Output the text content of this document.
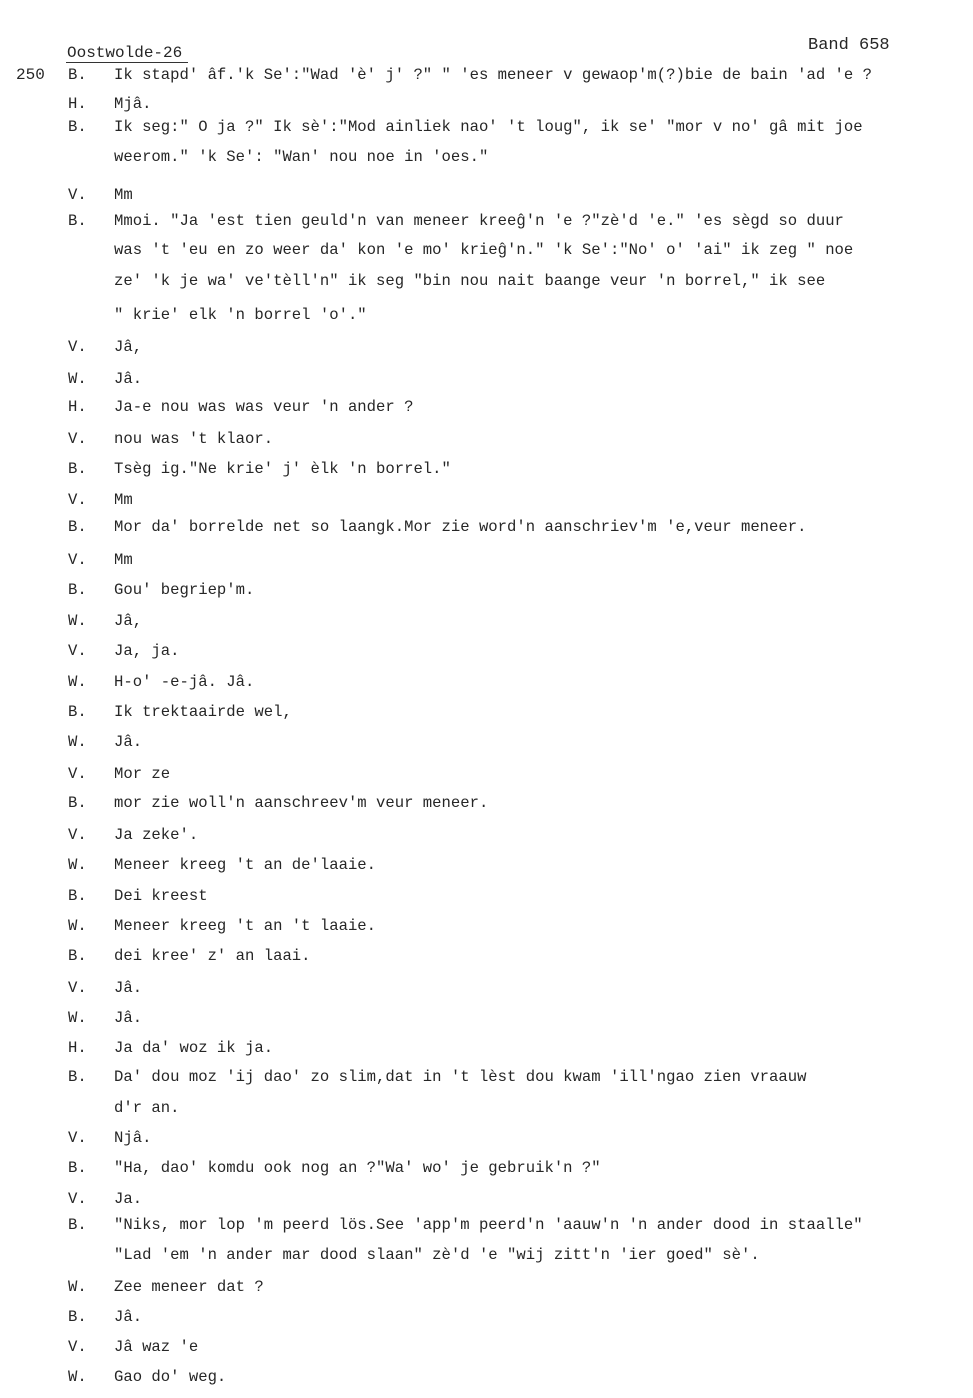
Oostwolde-26	Band 658
250 B. Ik stapd' âf.'k Se':"Wad 'è' j' ?" " 'es meneer v gewaop'm(?)bie de bain 'ad 'e ?
H. Mjâ.
B. Ik seg:" O ja ?" Ik sè':"Mod ainliek nao' 't loug", ik se' "mor v no' gâ mit joe
weerom." 'k Se': "Wan' nou noe in 'oes."
V. Mm
B. Mmoi. "Ja 'est tien geuld'n van meneer kreeĝ'n 'e ?"zè'd 'e." 'es sègd so duur
was 't 'eu en zo weer da' kon 'e mo' krieĝ'n." 'k Se':"No' o' 'ai" ik zeg " noe
ze' 'k je wa' ve'tèll'n" ik seg "bin nou nait baange veur 'n borrel," ik see
" krie' elk 'n borrel 'o'."
V. Jâ,
W. Jâ.
H. Ja-e nou was was veur 'n ander ?
V. nou was 't klaor.
B. Tsèg ig."Ne krie' j' èlk 'n borrel."
V. Mm
B. Mor da' borrelde net so laangk.Mor zie word'n aanschriev'm 'e,veur meneer.
V. Mm
B. Gou' begriep'm.
W. Jâ,
V. Ja, ja.
W. H-o' -e-jâ. Jâ.
B. Ik trektaairde wel,
W. Jâ.
V. Mor ze
B. mor zie woll'n aanschreev'm veur meneer.
V. Ja zeke'.
W. Meneer kreeg 't an de'laaie.
B. Dei kreest
W. Meneer kreeg 't an 't laaie.
B. dei kree' z' an laai.
V. Jâ.
W. Jâ.
H. Ja da' woz ik ja.
B. Da' dou moz 'ij dao' zo slim,dat in 't lèst dou kwam 'ill'ngao zien vraauw
d'r an.
V. Njâ.
B. "Ha, dao' komdu ook nog an ?"Wa' wo' je gebruik'n ?"
V. Ja.
B. "Niks, mor lop 'm peerd lös.See 'app'm peerd'n 'aauw'n 'n ander dood in staalle"
"Lad 'em 'n ander mar dood slaan" zè'd 'e "wij zitt'n 'ier goed" sè'.
W. Zee meneer dat ?
B. Jâ.
V. Jâ waz 'e
W. Gao do' weg.
